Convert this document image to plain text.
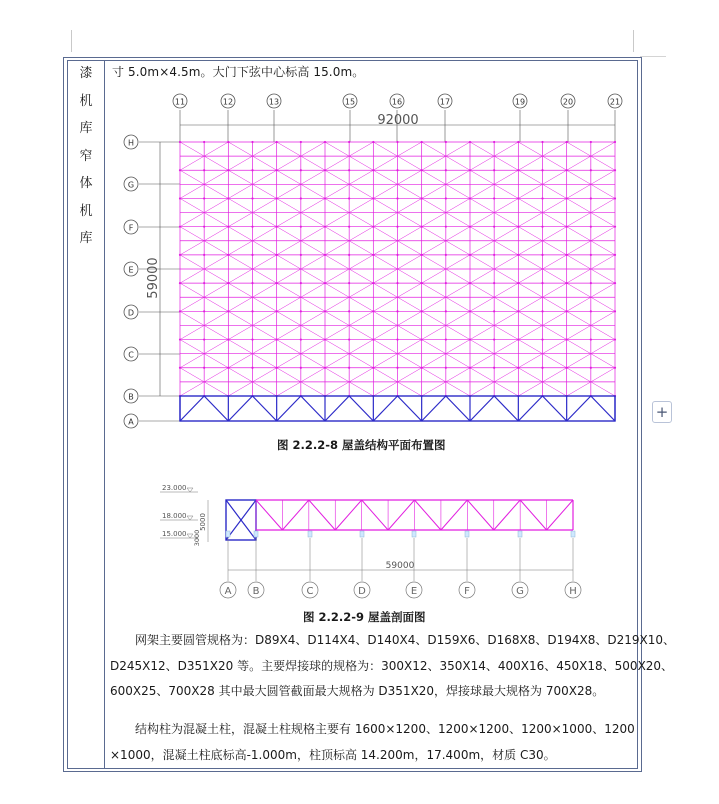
漆
机
库
窄
体
机
库
寸 5.0m×4.5m。大门下弦中心标高 15.0m。
11	12	13	15	16	17	19	20	21
92000
H
G
F
E
D
C
B
A
59000
图 2.2.2-8 屋盖结构平面布置图
23.000
18.000
15.000
5000
3000
59000
A B	C	D	E	F	G	H
图 2.2.2-9 屋盖剖面图
网架主要圆管规格为：D89X4、D114X4、D140X4、D159X6、D168X8、D194X8、D219X10、
D245X12、D351X20 等。主要焊接球的规格为：300X12、350X14、400X16、450X18、500X20、
600X25、700X28 其中最大圆管截面最大规格为 D351X20，焊接球最大规格为 700X28。
结构柱为混凝土柱，混凝土柱规格主要有 1600×1200、1200×1200、1200×1000、1200
×1000，混凝土柱底标高-1.000m，柱顶标高 14.200m，17.400m，材质 C30。
+
